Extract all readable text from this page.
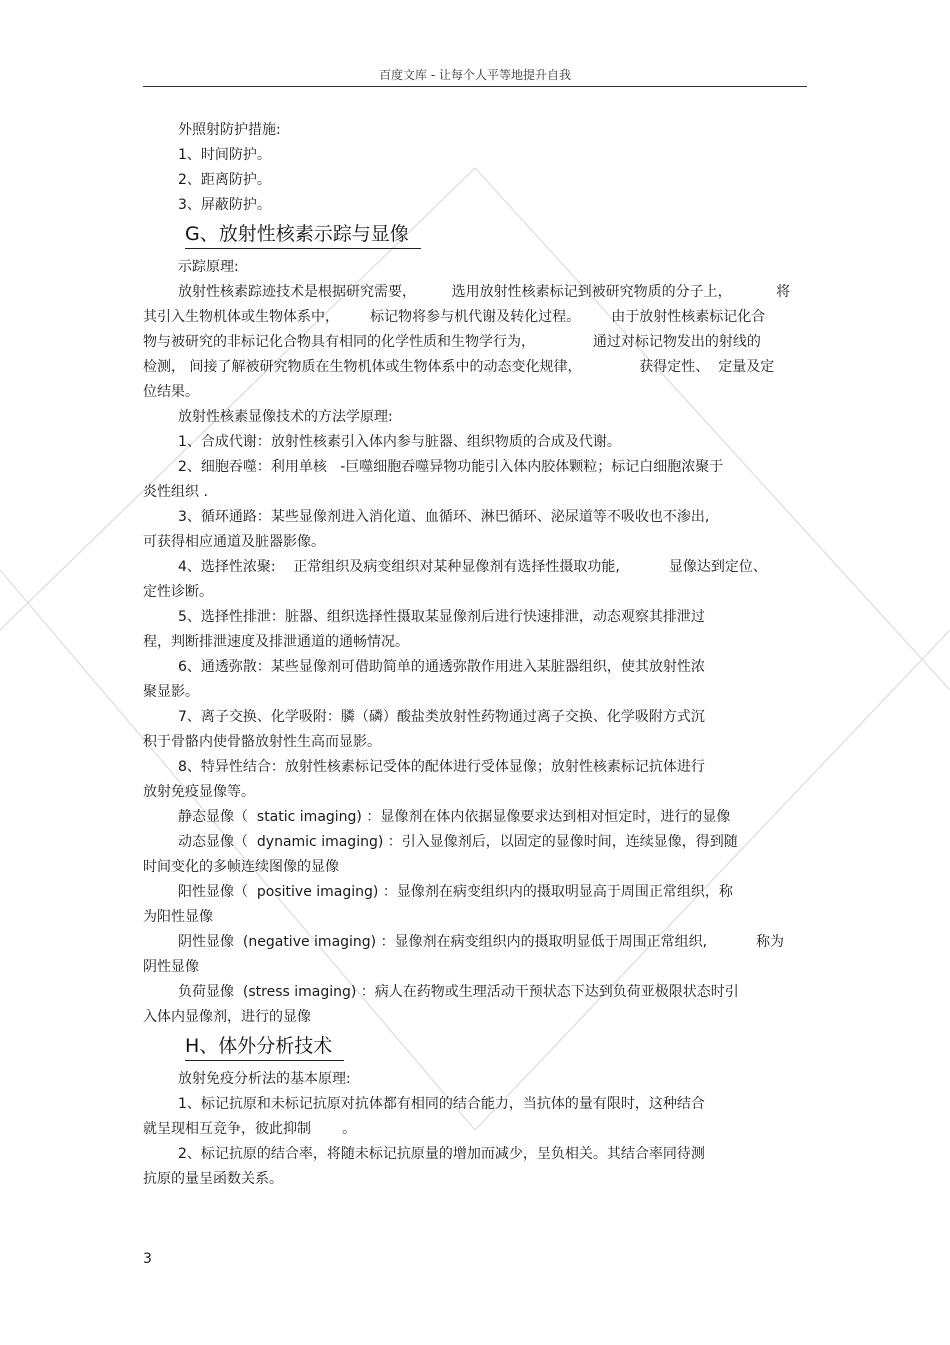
百度文库 - 让每个人平等地提升自我

外照射防护措施:

1、时间防护。

2、距离防护。

3、屏蔽防护。

G、放射性核素示踪与显像

示踪原理:

放射性核素踪迹技术是根据研究需要，        选用放射性核素标记到被研究物质的分子上，          将

其引入生物机体或生物体系中，       标记物将参与机代谢及转化过程。       由于放射性核素标记化合

物与被研究的非标记化合物具有相同的化学性质和生物学行为，             通过对标记物发出的射线的

检测， 间接了解被研究物质在生物机体或生物体系中的动态变化规律，             获得定性、  定量及定

位结果。

放射性核素显像技术的方法学原理:

1、合成代谢：放射性核素引入体内参与脏器、组织物质的合成及代谢。

2、细胞吞噬：利用单核   -巨噬细胞吞噬异物功能引入体内胶体颗粒；标记白细胞浓聚于

炎性组织 .

3、循环通路：某些显像剂进入消化道、血循环、淋巴循环、泌尿道等不吸收也不渗出,

可获得相应通道及脏器影像。

4、选择性浓聚:    正常组织及病变组织对某种显像剂有选择性摄取功能,           显像达到定位、

定性诊断。

5、选择性排泄：脏器、组织选择性摄取某显像剂后进行快速排泄，动态观察其排泄过

程，判断排泄速度及排泄通道的通畅情况。

6、通透弥散：某些显像剂可借助简单的通透弥散作用进入某脏器组织，使其放射性浓

聚显影。

7、离子交换、化学吸附：膦（磷）酸盐类放射性药物通过离子交换、化学吸附方式沉

积于骨骼内使骨骼放射性生高而显影。

8、特异性结合：放射性核素标记受体的配体进行受体显像；放射性核素标记抗体进行

放射免疫显像等。

静态显像（  static imaging) ：显像剂在体内依据显像要求达到相对恒定时，进行的显像

动态显像（  dynamic imaging) ：引入显像剂后，以固定的显像时间，连续显像，得到随

时间变化的多帧连续图像的显像

阳性显像（  positive imaging) ：显像剂在病变组织内的摄取明显高于周围正常组织，称

为阳性显像

阴性显像  (negative imaging) ：显像剂在病变组织内的摄取明显低于周围正常组织,           称为

阴性显像

负荷显像  (stress imaging) ：病人在药物或生理活动干预状态下达到负荷亚极限状态时引

入体内显像剂，进行的显像

H、体外分析技术

放射免疫分析法的基本原理:

1、标记抗原和未标记抗原对抗体都有相同的结合能力，当抗体的量有限时，这种结合

就呈现相互竞争，彼此抑制       。

2、标记抗原的结合率，将随未标记抗原量的增加而减少，呈负相关。其结合率同待测

抗原的量呈函数关系。

3
